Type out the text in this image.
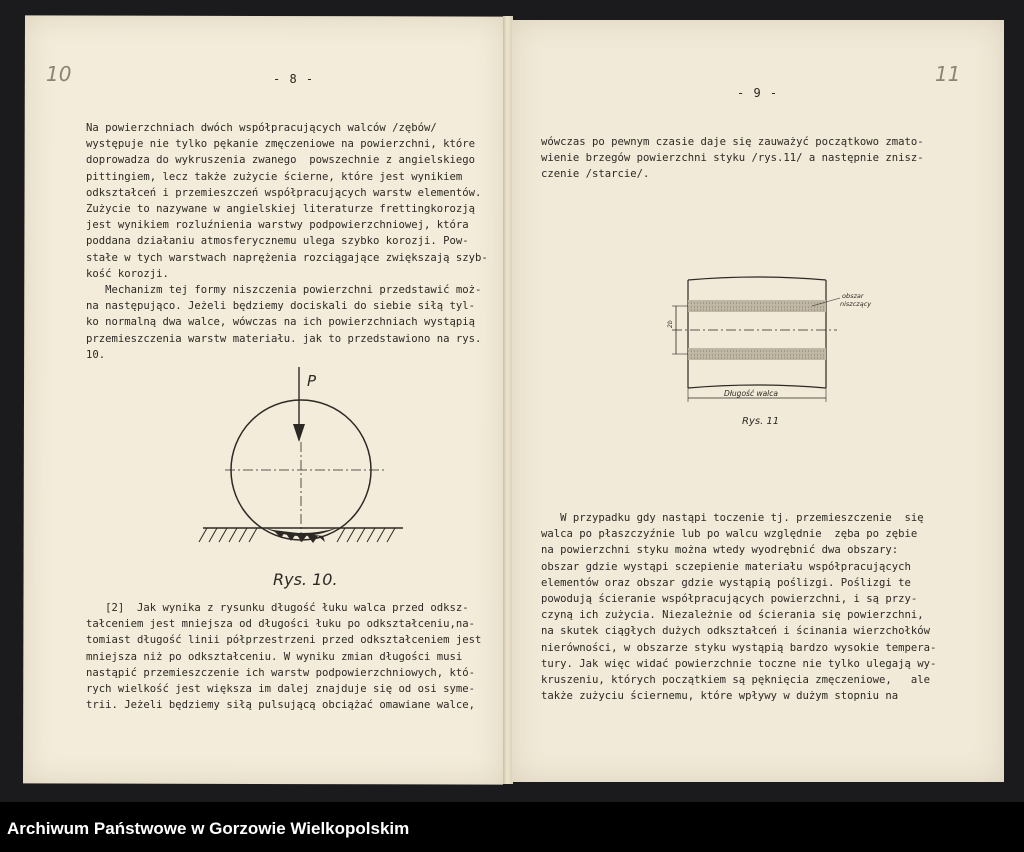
10	- 8 -
Na powierzchniach dwóch współpracujących walców /zębów/
występuje nie tylko pękanie zmęczeniowe na powierzchni, które
doprowadza do wykruszenia zwanego  powszechnie z angielskiego
pittingiem, lecz także zużycie ścierne, które jest wynikiem
odkształceń i przemieszczeń współpracujących warstw elementów.
Zużycie to nazywane w angielskiej literaturze frettingkorozją
jest wynikiem rozluźnienia warstwy podpowierzchniowej, która
poddana działaniu atmosferycznemu ulega szybko korozji. Pow-
stałe w tych warstwach naprężenia rozciągające zwiększają szyb-
kość korozji.
Mechanizm tej formy niszczenia powierzchni przedstawić moż-
na następująco. Jeżeli będziemy dociskali do siebie siłą tyl-
ko normalną dwa walce, wówczas na ich powierzchniach wystąpią
przemieszczenia warstw materiału. jak to przedstawiono na rys.
10.
P
Rys. 10.
[2]  Jak wynika z rysunku długość łuku walca przed odksz-
tałceniem jest mniejsza od długości łuku po odkształceniu,na-
tomiast długość linii półprzestrzeni przed odkształceniem jest
mniejsza niż po odkształceniu. W wyniku zmian długości musi
nastąpić przemieszczenie ich warstw podpowierzchniowych, któ-
rych wielkość jest większa im dalej znajduje się od osi syme-
trii. Jeżeli będziemy siłą pulsującą obciążać omawiane walce,
11
- 9 -
wówczas po pewnym czasie daje się zauważyć początkowo zmato-
wienie brzegów powierzchni styku /rys.11/ a następnie znisz-
czenie /starcie/.
2b
obszar
niszczący
Długość walca
Rys. 11
W przypadku gdy nastąpi toczenie tj. przemieszczenie  się
walca po płaszczyźnie lub po walcu względnie  zęba po zębie
na powierzchni styku można wtedy wyodrębnić dwa obszary:
obszar gdzie wystąpi sczepienie materiału współpracujących
elementów oraz obszar gdzie wystąpią poślizgi. Poślizgi te
powodują ścieranie współpracujących powierzchni, i są przy-
czyną ich zużycia. Niezależnie od ścierania się powierzchni,
na skutek ciągłych dużych odkształceń i ścinania wierzchołków
nierówności, w obszarze styku wystąpią bardzo wysokie tempera-
tury. Jak więc widać powierzchnie toczne nie tylko ulegają wy-
kruszeniu, których początkiem są pęknięcia zmęczeniowe,   ale
także zużyciu ściernemu, które wpływy w dużym stopniu na
Archiwum Państwowe w Gorzowie Wielkopolskim
